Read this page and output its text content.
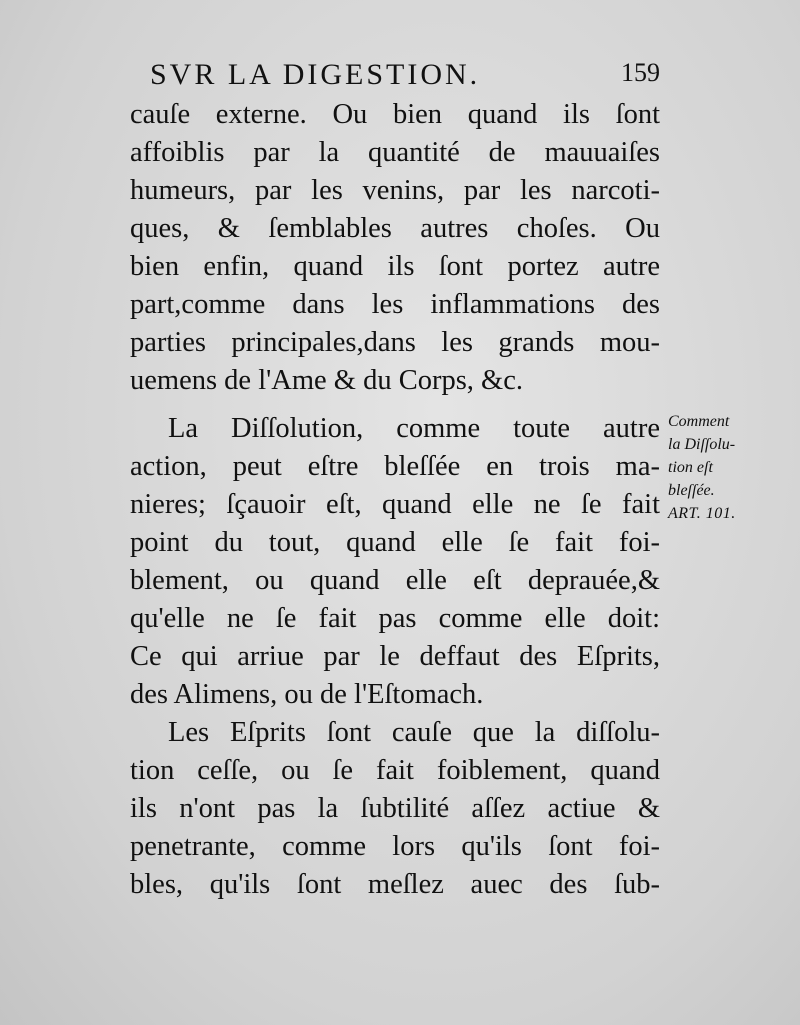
SVR LA DIGESTION.	159
cauſe externe. Ou bien quand ils ſont
affoiblis par la quantité de mauuaiſes
humeurs, par les venins, par les narcoti-
ques, & ſemblables autres choſes. Ou
bien enfin, quand ils ſont portez autre
part,comme dans les inflammations des
parties principales,dans les grands mou-
uemens de l'Ame & du Corps, &c.
La Diſſolution, comme toute autre
action, peut eſtre bleſſée en trois ma-
nieres; ſçauoir eſt, quand elle ne ſe fait
point du tout, quand elle ſe fait foi-
blement, ou quand elle eſt deprauée,&
qu'elle ne ſe fait pas comme elle doit:
Ce qui arriue par le deffaut des Eſprits,
des Alimens, ou de l'Eſtomach.
Les Eſprits ſont cauſe que la diſſolu-
tion ceſſe, ou ſe fait foiblement, quand
ils n'ont pas la ſubtilité aſſez actiue &
penetrante, comme lors qu'ils ſont foi-
bles, qu'ils ſont meſlez auec des ſub-
Comment
la Diſſolu-
tion eſt
bleſſée.
ART. 101.
